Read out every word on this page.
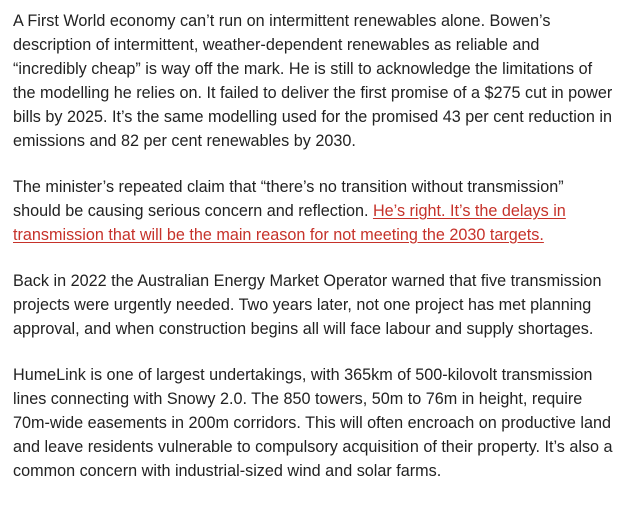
A First World economy can’t run on intermittent renewables alone. Bowen’s description of intermittent, weather-dependent renewables as reliable and “incredibly cheap” is way off the mark. He is still to acknowledge the limitations of the modelling he relies on. It failed to deliver the first promise of a $275 cut in power bills by 2025. It’s the same modelling used for the promised 43 per cent reduction in emissions and 82 per cent renewables by 2030.

The minister’s repeated claim that “there’s no transition without transmission” should be causing serious concern and reflection. He’s right. It’s the delays in transmission that will be the main reason for not meeting the 2030 targets.

Back in 2022 the Australian Energy Market Operator warned that five transmission projects were urgently needed. Two years later, not one project has met planning approval, and when construction begins all will face labour and supply shortages.

HumeLink is one of largest undertakings, with 365km of 500-kilovolt transmission lines connecting with Snowy 2.0. The 850 towers, 50m to 76m in height, require 70m-wide easements in 200m corridors. This will often encroach on productive land and leave residents vulnerable to compulsory acquisition of their property. It’s also a common concern with industrial-sized wind and solar farms.
